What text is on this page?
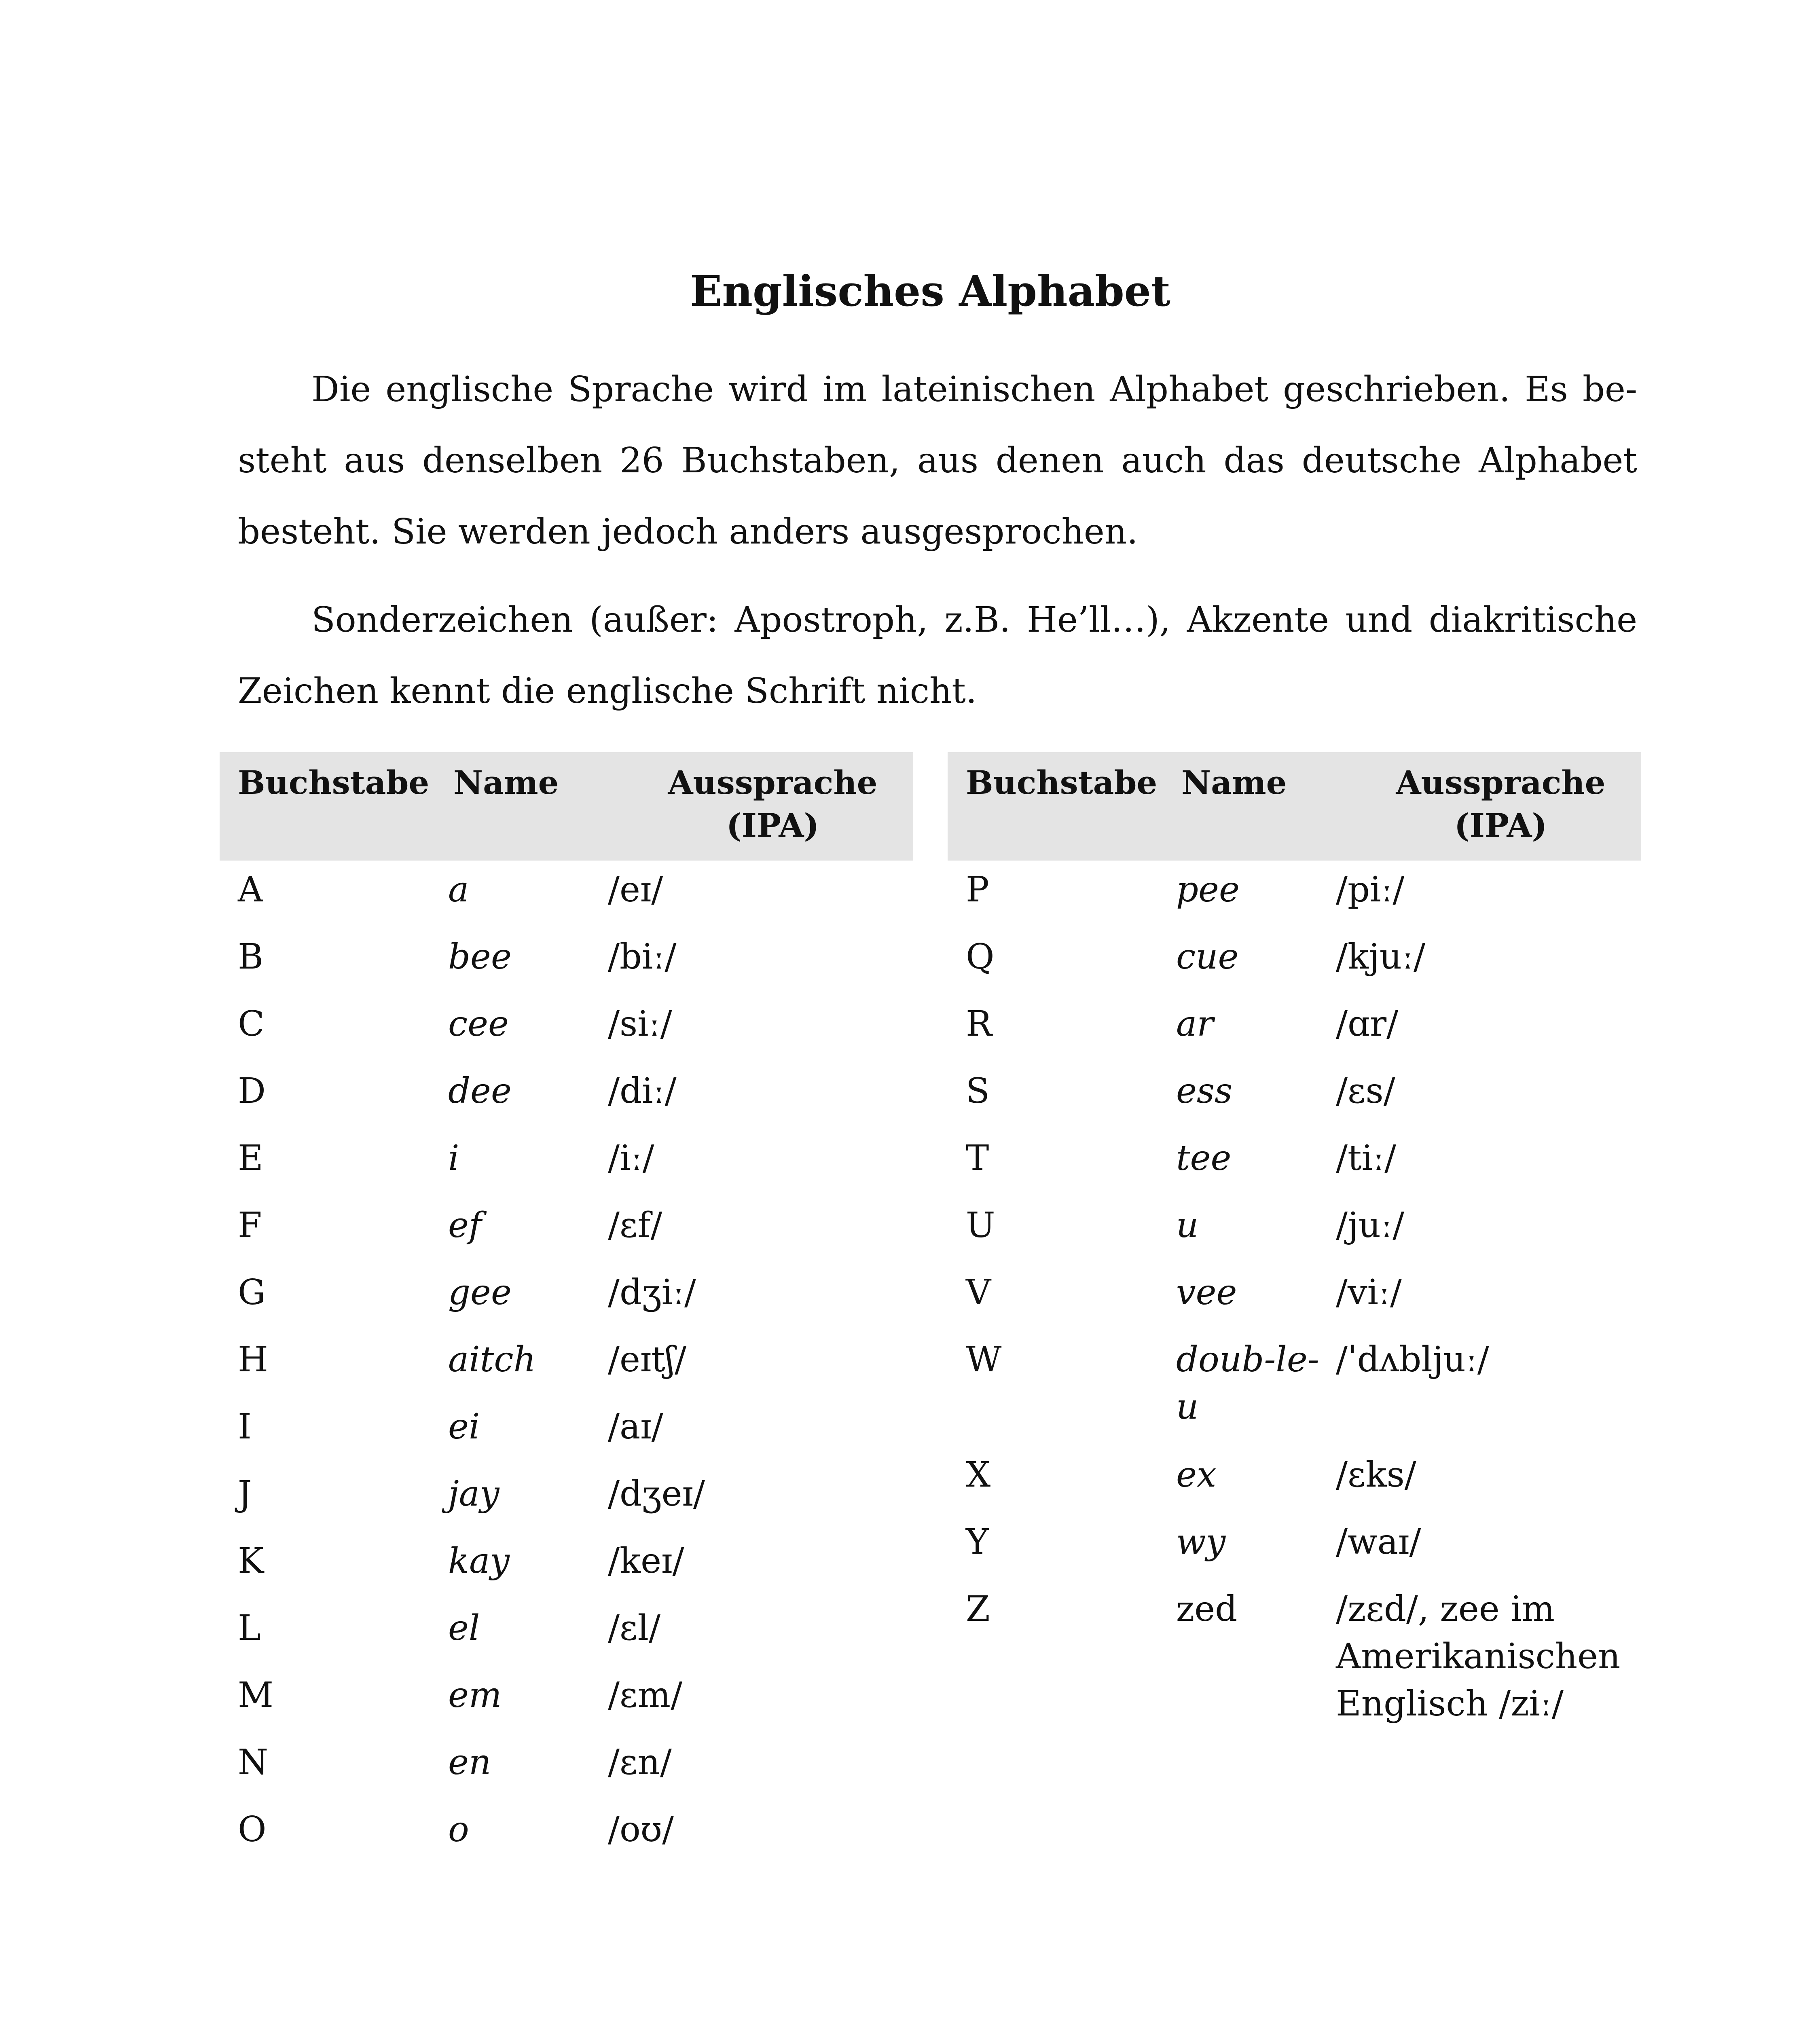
Englisches Alphabet

Die englische Sprache wird im lateinischen Alphabet geschrieben. Es besteht aus denselben 26 Buchstaben, aus denen auch das deutsche Alphabet besteht. Sie werden jedoch anders ausgesprochen.

Sonderzeichen (außer: Apostroph, z.B. He’ll…), Akzente und diakritische Zeichen kennt die englische Schrift nicht.

Buchstabe	Name	Aussprache (IPA)
A	a	/eɪ/
B	bee	/biː/
C	cee	/siː/
D	dee	/diː/
E	i	/iː/
F	ef	/ɛf/
G	gee	/dʒiː/
H	aitch	/eɪtʃ/
I	ei	/aɪ/
J	jay	/dʒeɪ/
K	kay	/keɪ/
L	el	/ɛl/
M	em	/ɛm/
N	en	/ɛn/
O	o	/oʊ/
Buchstabe	Name	Aussprache (IPA)
P	pee	/piː/
Q	cue	/kjuː/
R	ar	/ɑr/
S	ess	/ɛs/
T	tee	/tiː/
U	u	/juː/
V	vee	/viː/
W	doub-le-u	/ˈdʌbljuː/
X	ex	/ɛks/
Y	wy	/waɪ/
Z	zed	/zɛd/, zee im Amerikanischen Englisch /ziː/
